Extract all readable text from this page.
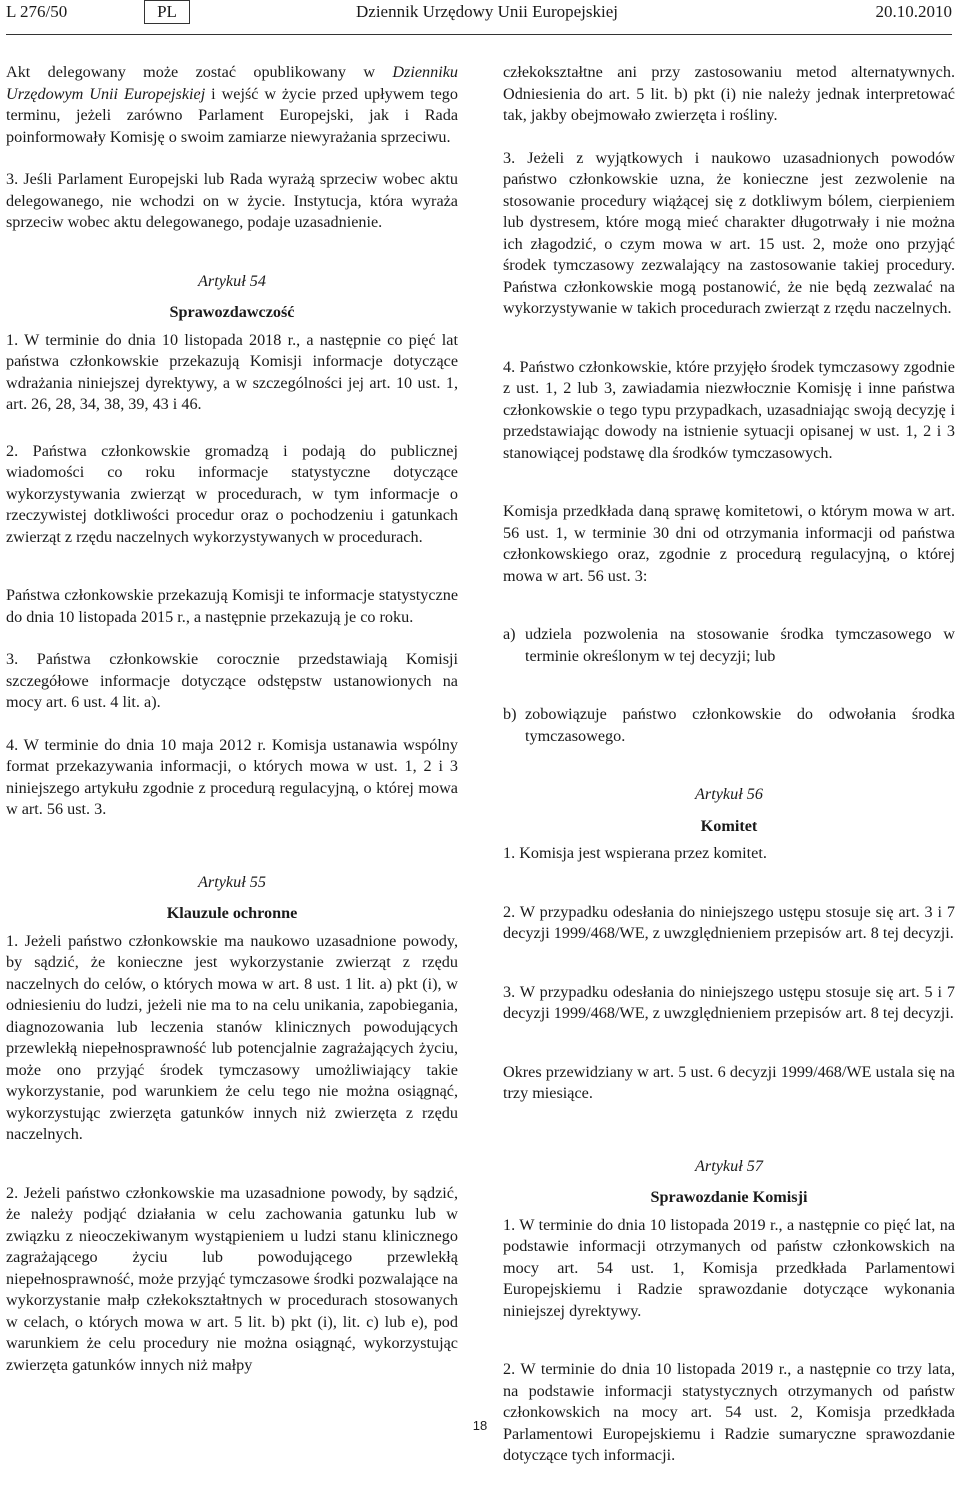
L 276/50	PL	Dziennik Urzędowy Unii Europejskiej	20.10.2010

Akt delegowany może zostać opublikowany w Dzienniku Urzędowym Unii Europejskiej i wejść w życie przed upływem tego terminu, jeżeli zarówno Parlament Europejski, jak i Rada poinformowały Komisję o swoim zamiarze niewyrażania sprzeciwu.

3. Jeśli Parlament Europejski lub Rada wyrażą sprzeciw wobec aktu delegowanego, nie wchodzi on w życie. Instytucja, która wyraża sprzeciw wobec aktu delegowanego, podaje uzasadnienie.

Artykuł 54
Sprawozdawczość

1. W terminie do dnia 10 listopada 2018 r., a następnie co pięć lat państwa członkowskie przekazują Komisji informacje dotyczące wdrażania niniejszej dyrektywy, a w szczególności jej art. 10 ust. 1, art. 26, 28, 34, 38, 39, 43 i 46.

2. Państwa członkowskie gromadzą i podają do publicznej wiadomości co roku informacje statystyczne dotyczące wykorzystywania zwierząt w procedurach, w tym informacje o rzeczywistej dotkliwości procedur oraz o pochodzeniu i gatunkach zwierząt z rzędu naczelnych wykorzystywanych w procedurach.

Państwa członkowskie przekazują Komisji te informacje statystyczne do dnia 10 listopada 2015 r., a następnie przekazują je co roku.

3. Państwa członkowskie corocznie przedstawiają Komisji szczegółowe informacje dotyczące odstępstw ustanowionych na mocy art. 6 ust. 4 lit. a).

4. W terminie do dnia 10 maja 2012 r. Komisja ustanawia wspólny format przekazywania informacji, o których mowa w ust. 1, 2 i 3 niniejszego artykułu zgodnie z procedurą regulacyjną, o której mowa w art. 56 ust. 3.

Artykuł 55
Klauzule ochronne

1. Jeżeli państwo członkowskie ma naukowo uzasadnione powody, by sądzić, że konieczne jest wykorzystanie zwierząt z rzędu naczelnych do celów, o których mowa w art. 8 ust. 1 lit. a) pkt (i), w odniesieniu do ludzi, jeżeli nie ma to na celu unikania, zapobiegania, diagnozowania lub leczenia stanów klinicznych powodujących przewlekłą niepełnosprawność lub potencjalnie zagrażających życiu, może ono przyjąć środek tymczasowy umożliwiający takie wykorzystanie, pod warunkiem że celu tego nie można osiągnąć, wykorzystując zwierzęta gatunków innych niż zwierzęta z rzędu naczelnych.

2. Jeżeli państwo członkowskie ma uzasadnione powody, by sądzić, że należy podjąć działania w celu zachowania gatunku lub w związku z nieoczekiwanym wystąpieniem u ludzi stanu klinicznego zagrażającego życiu lub powodującego przewlekłą niepełnosprawność, może przyjąć tymczasowe środki pozwalające na wykorzystanie małp człekokształtnych w procedurach stosowanych w celach, o których mowa w art. 5 lit. b) pkt (i), lit. c) lub e), pod warunkiem że celu procedury nie można osiągnąć, wykorzystując zwierzęta gatunków innych niż małpy

człekokształtne ani przy zastosowaniu metod alternatywnych. Odniesienia do art. 5 lit. b) pkt (i) nie należy jednak interpretować tak, jakby obejmowało zwierzęta i rośliny.

3. Jeżeli z wyjątkowych i naukowo uzasadnionych powodów państwo członkowskie uzna, że konieczne jest zezwolenie na stosowanie procedury wiążącej się z dotkliwym bólem, cierpieniem lub dystresem, które mogą mieć charakter długotrwały i nie można ich złagodzić, o czym mowa w art. 15 ust. 2, może ono przyjąć środek tymczasowy zezwalający na zastosowanie takiej procedury. Państwa członkowskie mogą postanowić, że nie będą zezwalać na wykorzystywanie w takich procedurach zwierząt z rzędu naczelnych.

4. Państwo członkowskie, które przyjęło środek tymczasowy zgodnie z ust. 1, 2 lub 3, zawiadamia niezwłocznie Komisję i inne państwa członkowskie o tego typu przypadkach, uzasadniając swoją decyzję i przedstawiając dowody na istnienie sytuacji opisanej w ust. 1, 2 i 3 stanowiącej podstawę dla środków tymczasowych.

Komisja przedkłada daną sprawę komitetowi, o którym mowa w art. 56 ust. 1, w terminie 30 dni od otrzymania informacji od państwa członkowskiego oraz, zgodnie z procedurą regulacyjną, o której mowa w art. 56 ust. 3:

a) udziela pozwolenia na stosowanie środka tymczasowego w terminie określonym w tej decyzji; lub
b) zobowiązuje państwo członkowskie do odwołania środka tymczasowego.
Artykuł 56
Komitet

1. Komisja jest wspierana przez komitet.

2. W przypadku odesłania do niniejszego ustępu stosuje się art. 3 i 7 decyzji 1999/468/WE, z uwzględnieniem przepisów art. 8 tej decyzji.

3. W przypadku odesłania do niniejszego ustępu stosuje się art. 5 i 7 decyzji 1999/468/WE, z uwzględnieniem przepisów art. 8 tej decyzji.

Okres przewidziany w art. 5 ust. 6 decyzji 1999/468/WE ustala się na trzy miesiące.

Artykuł 57
Sprawozdanie Komisji

1. W terminie do dnia 10 listopada 2019 r., a następnie co pięć lat, na podstawie informacji otrzymanych od państw członkowskich na mocy art. 54 ust. 1, Komisja przedkłada Parlamentowi Europejskiemu i Radzie sprawozdanie dotyczące wykonania niniejszej dyrektywy.

2. W terminie do dnia 10 listopada 2019 r., a następnie co trzy lata, na podstawie informacji statystycznych otrzymanych od państw członkowskich na mocy art. 54 ust. 2, Komisja przedkłada Parlamentowi Europejskiemu i Radzie sumaryczne sprawozdanie dotyczące tych informacji.

18
